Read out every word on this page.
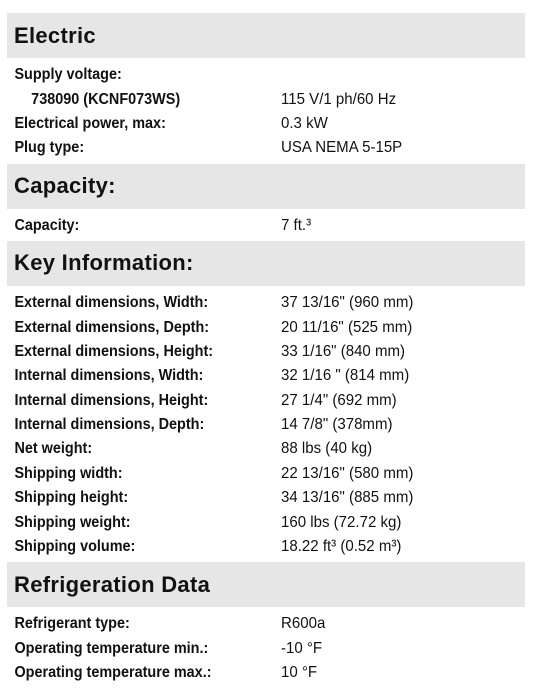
Electric
Supply voltage:
738090 (KCNF073WS)	115 V/1 ph/60 Hz
Electrical power, max:	0.3 kW
Plug type:	USA NEMA 5-15P
Capacity:
Capacity:	7 ft.³
Key Information:
External dimensions, Width:	37 13/16" (960 mm)
External dimensions, Depth:	20 11/16" (525 mm)
External dimensions, Height:	33 1/16" (840 mm)
Internal dimensions, Width:	32 1/16 " (814 mm)
Internal dimensions, Height:	27 1/4" (692 mm)
Internal dimensions, Depth:	14 7/8" (378mm)
Net weight:	88 lbs (40 kg)
Shipping width:	22 13/16" (580 mm)
Shipping height:	34 13/16" (885 mm)
Shipping weight:	160 lbs (72.72 kg)
Shipping volume:	18.22 ft³ (0.52 m³)
Refrigeration Data
Refrigerant type:	R600a
Operating temperature min.:	-10 °F
Operating temperature max.:	10 °F
